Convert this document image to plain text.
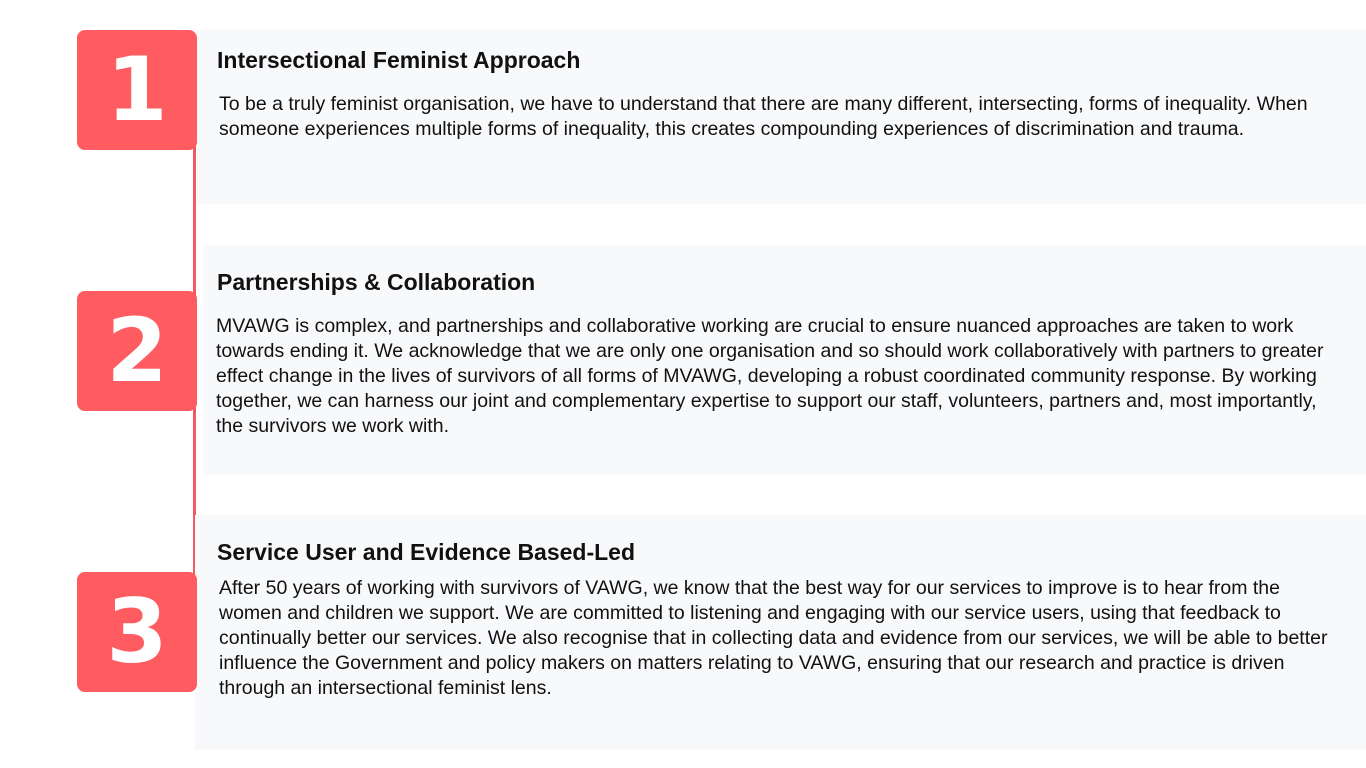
1
2
3
Intersectional Feminist Approach

To be a truly feminist organisation, we have to understand that there are many different, intersecting, forms of inequality. When someone experiences multiple forms of inequality, this creates compounding experiences of discrimination and trauma.

Partnerships & Collaboration

MVAWG is complex, and partnerships and collaborative working are crucial to ensure nuanced approaches are taken to work towards ending it. We acknowledge that we are only one organisation and so should work collaboratively with partners to greater effect change in the lives of survivors of all forms of MVAWG, developing a robust coordinated community response. By working together, we can harness our joint and complementary expertise to support our staff, volunteers, partners and, most importantly, the survivors we work with.

Service User and Evidence Based-Led

After 50 years of working with survivors of VAWG, we know that the best way for our services to improve is to hear from the women and children we support. We are committed to listening and engaging with our service users, using that feedback to continually better our services. We also recognise that in collecting data and evidence from our services, we will be able to better influence the Government and policy makers on matters relating to VAWG, ensuring that our research and practice is driven through an intersectional feminist lens.
